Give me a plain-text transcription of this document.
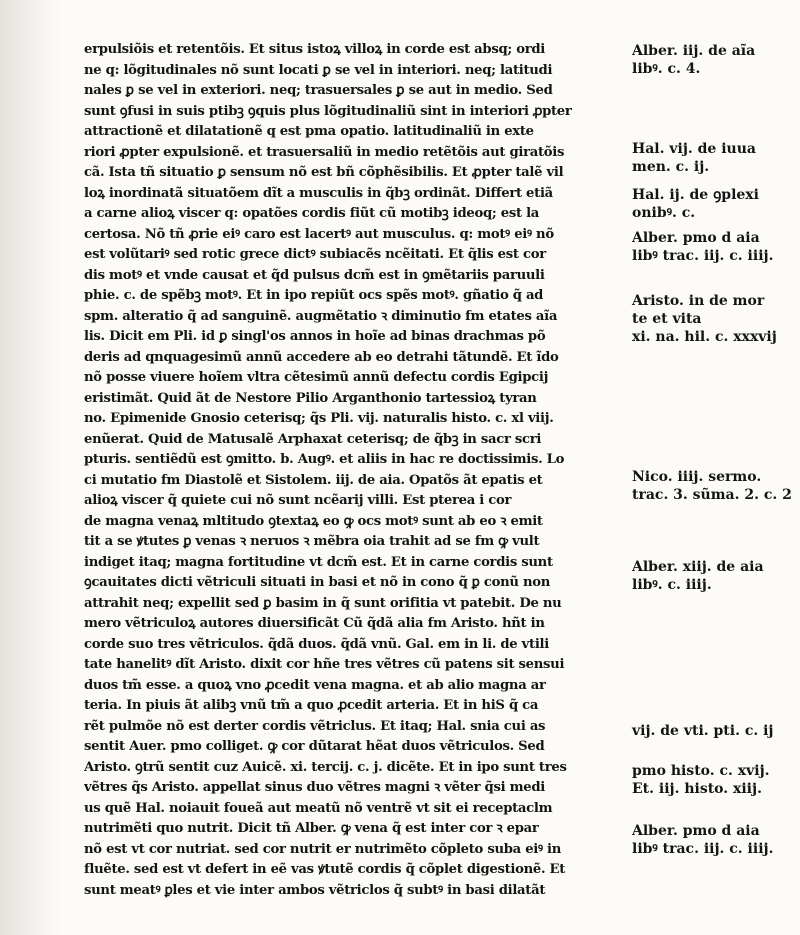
erpulsiõis et retentõis. Et situs istoꝝ villoꝝ in corde est absq; ordi
ne q: lõgitudinales nõ sunt locati ꝑ se vel in interiori. neq; latitudi
nales ꝑ se vel in exteriori. neq; trasuersales ꝑ se aut in medio. Sed
sunt ꝯfusi in suis ptibꝫ ꝯquis plus lõgitudinaliũ sint in interiori ꝓpter
attractionẽ et dilatationẽ q est pma opatio. latitudinaliũ in exte
riori ꝓpter expulsionẽ. et trasuersaliũ in medio retẽtõis aut giratõis
cã. Ista tñ situatio ꝑ sensum nõ est bñ cõphẽsibilis. Et ꝓpter talẽ vil
loꝝ inordinatã situatõem dĩt a musculis in q̃bꝫ ordinãt. Differt etiã
a carne alioꝝ viscer q: opatões cordis fiũt cũ motibꝫ ideoq; est la
certosa. Nõ tñ ꝓrie eiꝰ caro est lacertꝰ aut musculus. q: motꝰ eiꝰ nõ
est volũtariꝰ sed rotic grece dictꝰ subiacẽs ncẽitati. Et q̃lis est cor
dis motꝰ et vnde causat et q̃d pulsus dcm̃ est in ꝯmẽtariis paruuli
phie. c. de spẽbꝫ motꝰ. Et in ipo repiũt ocs spẽs motꝰ. gñatio q̃ ad
spm. alteratio q̃ ad sanguinẽ. augmẽtatio ꝛ diminutio fm etates aĩa
lis. Dicit em Pli. id ꝑ singl'os annos in hoĩe ad binas drachmas põ
deris ad qnquagesimũ annũ accedere ab eo detrahi tãtundẽ. Et ĩdo
nõ posse viuere hoĩem vltra cẽtesimũ annũ defectu cordis Egipcij
eristimãt. Quid ãt de Nestore Pilio Arganthonio tartessioꝝ tyran
no. Epimenide Gnosio ceterisq; q̃s Pli. vij. naturalis histo. c. xl viij.
enũerat. Quid de Matusalẽ Arphaxat ceterisq; de q̃bꝫ in sacr scri
pturis. sentiẽdũ est ꝯmitto. b. Augꝰ. et aliis in hac re doctissimis. Lo
ci mutatio fm Diastolẽ et Sistolem. iij. de aia. Opatõs ãt epatis et
alioꝝ viscer q̃ quiete cui nõ sunt ncẽarij villi. Est pterea i cor
de magna venaꝝ mltitudo ꝯtextaꝝ eo ꝙ ocs motꝰ sunt ab eo ꝛ emit
tit a se ꝟtutes ꝑ venas ꝛ neruos ꝛ mẽbra oia trahit ad se fm ꝙ vult
indiget itaq; magna fortitudine vt dcm̃ est. Et in carne cordis sunt
ꝯcauitates dicti vẽtriculi situati in basi et nõ in cono q̃ ꝑ conũ non
attrahit neq; expellit sed ꝑ basim in q̃ sunt orifitia vt patebit. De nu
mero vẽtriculoꝝ autores diuersificãt Cũ q̃dã alia fm Aristo. hñt in
corde suo tres vẽtriculos. q̃dã duos. q̃dã vnũ. Gal. em in li. de vtili
tate hanelitꝰ dĩt Aristo. dixit cor hñe tres vẽtres cũ patens sit sensui
duos tm̃ esse. a quoꝝ vno ꝓcedit vena magna. et ab alio magna ar
teria. In piuis ãt alibꝫ vnũ tm̃ a quo ꝓcedit arteria. Et in hiS q̃ ca
rẽt pulmõe nõ est derter cordis vẽtriclus. Et itaq; Hal. snia cui as
sentit Auer. pmo colliget. ꝙ cor dũtarat hẽat duos vẽtriculos. Sed
Aristo. ꝯtrũ sentit cuz Auicẽ. xi. tercij. c. j. dicẽte. Et in ipo sunt tres
vẽtres q̃s Aristo. appellat sinus duo vẽtres magni ꝛ vẽter q̃si medi
us quẽ Hal. noiauit foueã aut meatũ nõ ventrẽ vt sit ei receptaclm
nutrimẽti quo nutrit. Dicit tñ Alber. ꝙ vena q̃ est inter cor ꝛ epar
nõ est vt cor nutriat. sed cor nutrit er nutrimẽto cõpleto suba eiꝰ in
fluẽte. sed est vt defert in eẽ vas ꝟtutẽ cordis q̃ cõplet digestionẽ. Et
sunt meatꝰ ꝑles et vie inter ambos vẽtriclos q̃ subtꝰ in basi dilatãt
Alber. iij. de aĩa
libꝰ. c. 4.
Hal. vij. de iuua
men. c. ij.
Hal. ij. de ꝯplexi
onibꝰ. c.
Alber. pmo d aia
libꝰ trac. iij. c. iiij.
Aristo. in de mor
te et vita
xi. na. hil. c. xxxvij
Nico. iiij. sermo.
trac. 3. sũma. 2. c. 2
Alber. xiij. de aia
libꝰ. c. iiij.
vij. de vti. pti. c. ij
pmo histo. c. xvij.
Et. iij. histo. xiij.
Alber. pmo d aia
libꝰ trac. iij. c. iiij.
